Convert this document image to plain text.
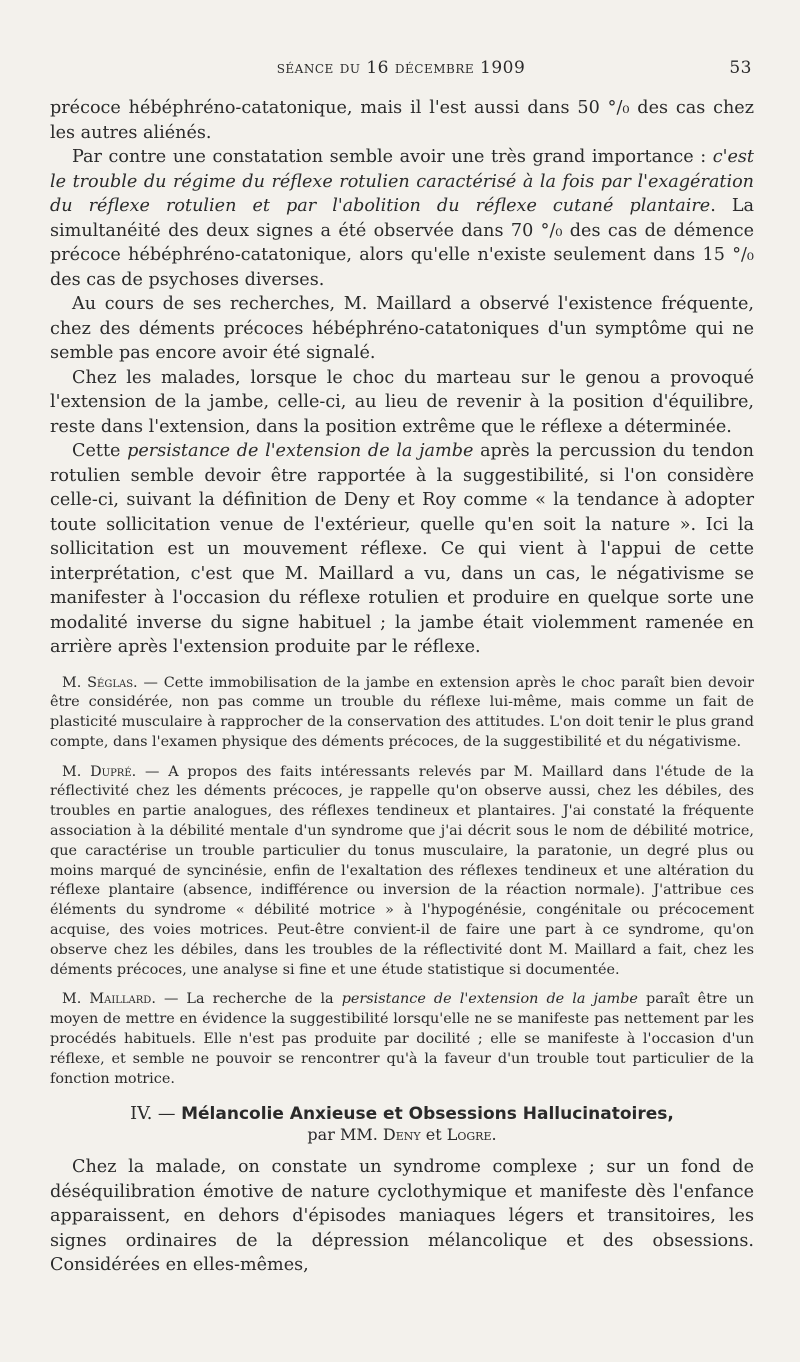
séance du 16 décembre 1909	53

précoce hébéphréno-catatonique, mais il l'est aussi dans 50 °/₀ des cas chez les autres aliénés.

Par contre une constatation semble avoir une très grand importance : c'est le trouble du régime du réflexe rotulien caractérisé à la fois par l'exagération du réflexe rotulien et par l'abolition du réflexe cutané plantaire. La simultanéité des deux signes a été observée dans 70 °/₀ des cas de démence précoce hébéphréno-catatonique, alors qu'elle n'existe seulement dans 15 °/₀ des cas de psychoses diverses.

Au cours de ses recherches, M. Maillard a observé l'existence fréquente, chez des déments précoces hébéphréno-catatoniques d'un symptôme qui ne semble pas encore avoir été signalé.

Chez les malades, lorsque le choc du marteau sur le genou a provoqué l'extension de la jambe, celle-ci, au lieu de revenir à la position d'équilibre, reste dans l'extension, dans la position extrême que le réflexe a déterminée.

Cette persistance de l'extension de la jambe après la percussion du tendon rotulien semble devoir être rapportée à la suggestibilité, si l'on considère celle-ci, suivant la définition de Deny et Roy comme « la tendance à adopter toute sollicitation venue de l'extérieur, quelle qu'en soit la nature ». Ici la sollicitation est un mouvement réflexe. Ce qui vient à l'appui de cette interprétation, c'est que M. Maillard a vu, dans un cas, le négativisme se manifester à l'occasion du réflexe rotulien et produire en quelque sorte une modalité inverse du signe habituel ; la jambe était violemment ramenée en arrière après l'extension produite par le réflexe.

M. Séglas. — Cette immobilisation de la jambe en extension après le choc paraît bien devoir être considérée, non pas comme un trouble du réflexe lui-même, mais comme un fait de plasticité musculaire à rapprocher de la conservation des attitudes. L'on doit tenir le plus grand compte, dans l'examen physique des déments précoces, de la suggestibilité et du négativisme.

M. Dupré. — A propos des faits intéressants relevés par M. Maillard dans l'étude de la réflectivité chez les déments précoces, je rappelle qu'on observe aussi, chez les débiles, des troubles en partie analogues, des réflexes tendineux et plantaires. J'ai constaté la fréquente association à la débilité mentale d'un syndrome que j'ai décrit sous le nom de débilité motrice, que caractérise un trouble particulier du tonus musculaire, la paratonie, un degré plus ou moins marqué de syncinésie, enfin de l'exaltation des réflexes tendineux et une altération du réflexe plantaire (absence, indifférence ou inversion de la réaction normale). J'attribue ces éléments du syndrome « débilité motrice » à l'hypogénésie, congénitale ou précocement acquise, des voies motrices. Peut-être convient-il de faire une part à ce syndrome, qu'on observe chez les débiles, dans les troubles de la réflectivité dont M. Maillard a fait, chez les déments précoces, une analyse si fine et une étude statistique si documentée.

M. Maillard. — La recherche de la persistance de l'extension de la jambe paraît être un moyen de mettre en évidence la suggestibilité lorsqu'elle ne se manifeste pas nettement par les procédés habituels. Elle n'est pas produite par docilité ; elle se manifeste à l'occasion d'un réflexe, et semble ne pouvoir se rencontrer qu'à la faveur d'un trouble tout particulier de la fonction motrice.

IV. — Mélancolie Anxieuse et Obsessions Hallucinatoires,

par MM. Deny et Logre.

Chez la malade, on constate un syndrome complexe ; sur un fond de déséquilibration émotive de nature cyclothymique et manifeste dès l'enfance apparaissent, en dehors d'épisodes maniaques légers et transitoires, les signes ordinaires de la dépression mélancolique et des obsessions. Considérées en elles-mêmes,
